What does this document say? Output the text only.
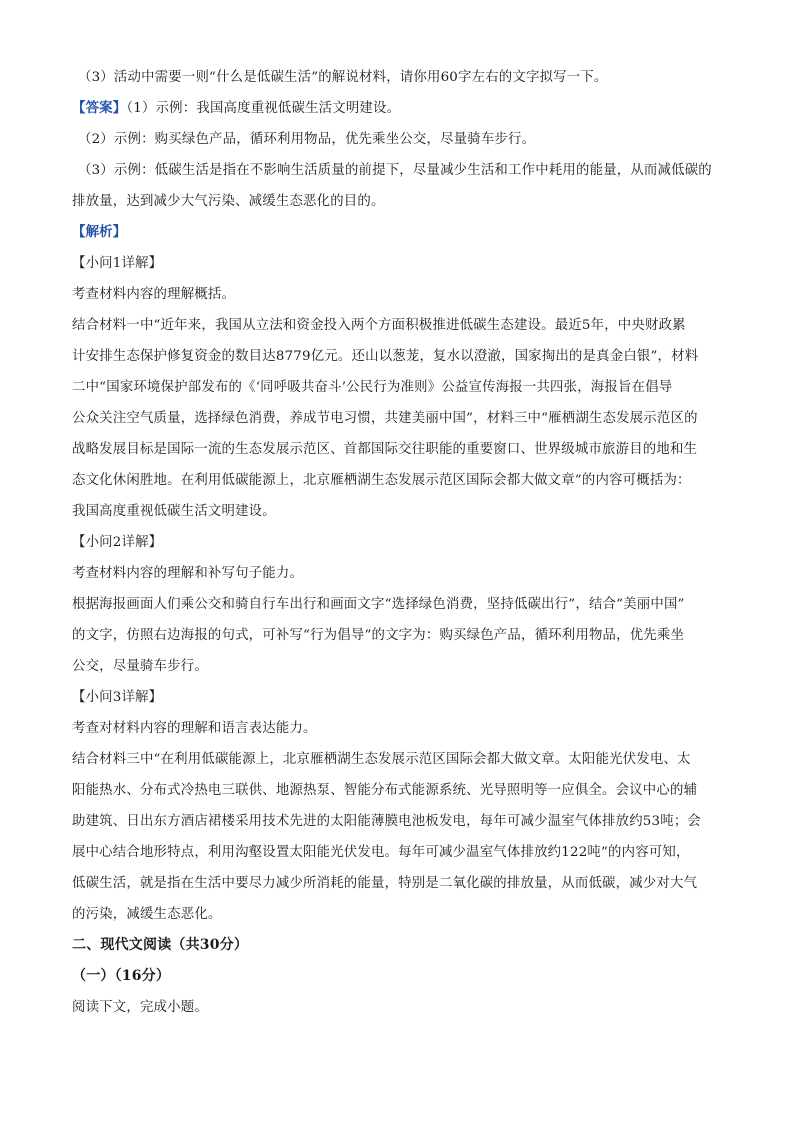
（3）活动中需要一则“什么是低碳生活”的解说材料，请你用60字左右的文字拟写一下。
【答案】（1）示例：我国高度重视低碳生活文明建设。
（2）示例：购买绿色产品，循环利用物品，优先乘坐公交，尽量骑车步行。
（3）示例：低碳生活是指在不影响生活质量的前提下，尽量减少生活和工作中耗用的能量，从而减低碳的
排放量，达到减少大气污染、减缓生态恶化的目的。
【解析】
【小问1详解】
考查材料内容的理解概括。
结合材料一中“近年来，我国从立法和资金投入两个方面积极推进低碳生态建设。最近5年，中央财政累
计安排生态保护修复资金的数目达8779亿元。还山以葱茏，复水以澄澈，国家掏出的是真金白银”，材料
二中“国家环境保护部发布的《‘同呼吸共奋斗’公民行为准则》公益宣传海报一共四张，海报旨在倡导
公众关注空气质量，选择绿色消费，养成节电习惯，共建美丽中国”，材料三中“雁栖湖生态发展示范区的
战略发展目标是国际一流的生态发展示范区、首都国际交往职能的重要窗口、世界级城市旅游目的地和生
态文化休闲胜地。在利用低碳能源上，北京雁栖湖生态发展示范区国际会都大做文章”的内容可概括为：
我国高度重视低碳生活文明建设。
【小问2详解】
考查材料内容的理解和补写句子能力。
根据海报画面人们乘公交和骑自行车出行和画面文字“选择绿色消费，坚持低碳出行”，结合“美丽中国”
的文字，仿照右边海报的句式，可补写“行为倡导”的文字为：购买绿色产品，循环利用物品，优先乘坐
公交，尽量骑车步行。
【小问3详解】
考查对材料内容的理解和语言表达能力。
结合材料三中“在利用低碳能源上，北京雁栖湖生态发展示范区国际会都大做文章。太阳能光伏发电、太
阳能热水、分布式冷热电三联供、地源热泵、智能分布式能源系统、光导照明等一应俱全。会议中心的辅
助建筑、日出东方酒店裙楼采用技术先进的太阳能薄膜电池板发电，每年可减少温室气体排放约53吨；会
展中心结合地形特点，利用沟壑设置太阳能光伏发电。每年可减少温室气体排放约122吨”的内容可知，
低碳生活，就是指在生活中要尽力减少所消耗的能量，特别是二氧化碳的排放量，从而低碳，减少对大气
的污染，减缓生态恶化。
二、现代文阅读（共30分）
（一）（16分）
阅读下文，完成小题。
